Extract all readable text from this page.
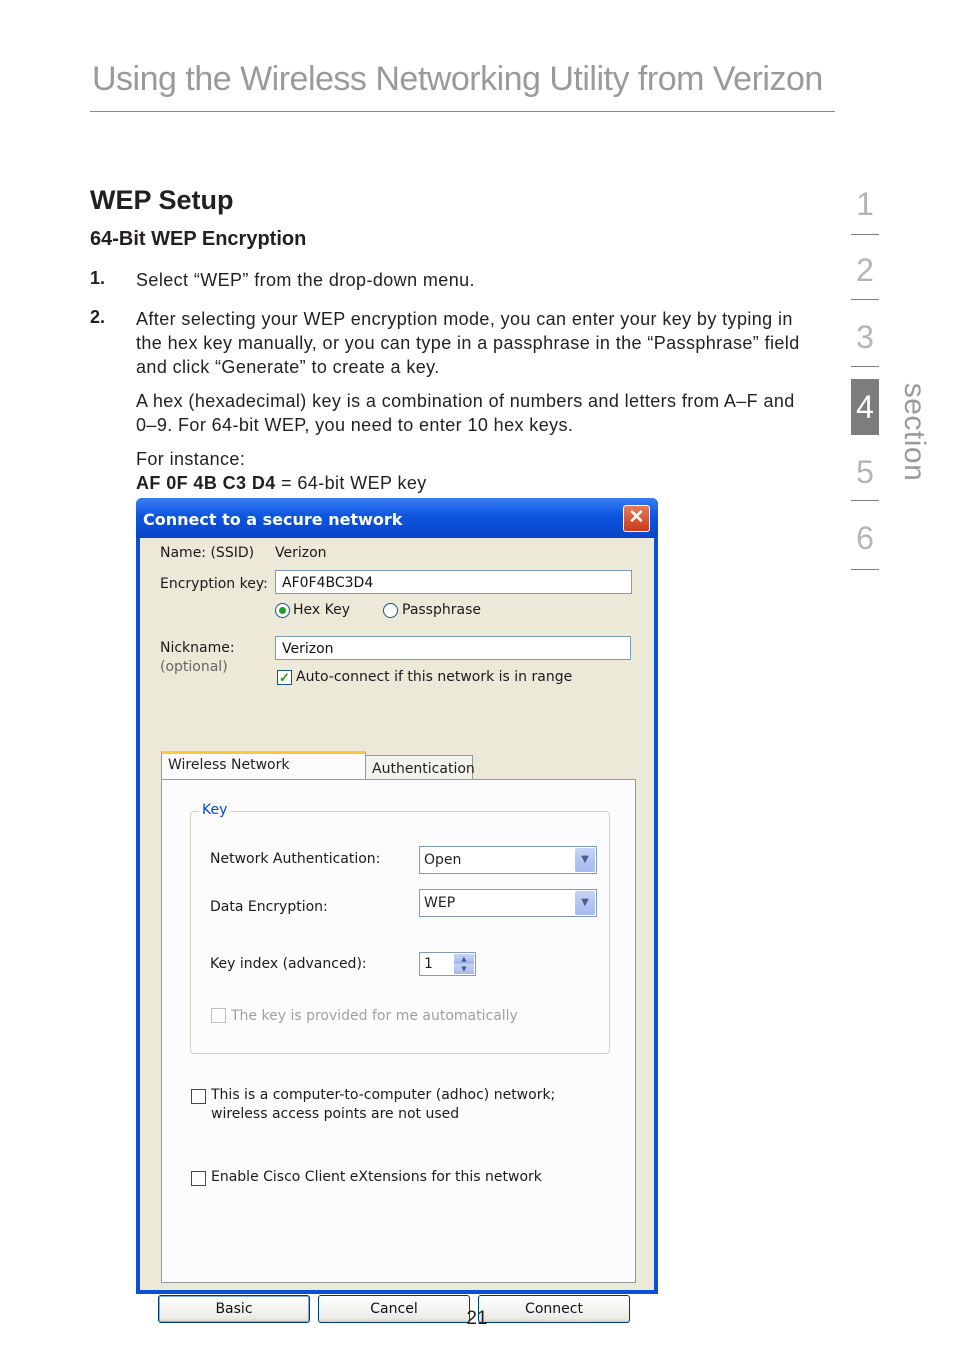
Using the Wireless Networking Utility from Verizon
1
2
3
4
5
6
section
WEP Setup
64-Bit WEP Encryption
1. Select “WEP” from the drop-down menu.
2. After selecting your WEP encryption mode, you can enter your key by typing in the hex key manually, or you can type in a passphrase in the “Passphrase” field and click “Generate” to create a key.
A hex (hexadecimal) key is a combination of numbers and letters from A–F and 0–9. For 64-bit WEP, you need to enter 10 hex keys.
For instance:
AF 0F 4B C3 D4 = 64-bit WEP key
Connect to a secure network	✕
Name: (SSID) Verizon
Encryption key:	AF0F4BC3D4
Hex Key	Passphrase
Nickname:
(optional)
Verizon
✓ Auto-connect if this network is in range
Wireless Network	Authentication
Key
Network Authentication:	Open	▼
Data Encryption:	WEP	▼
Key index (advanced):	1	▲
▼
The key is provided for me automatically
This is a computer-to-computer (adhoc) network;
wireless access points are not used
Enable Cisco Client eXtensions for this network
Basic	Cancel	Connect
21
